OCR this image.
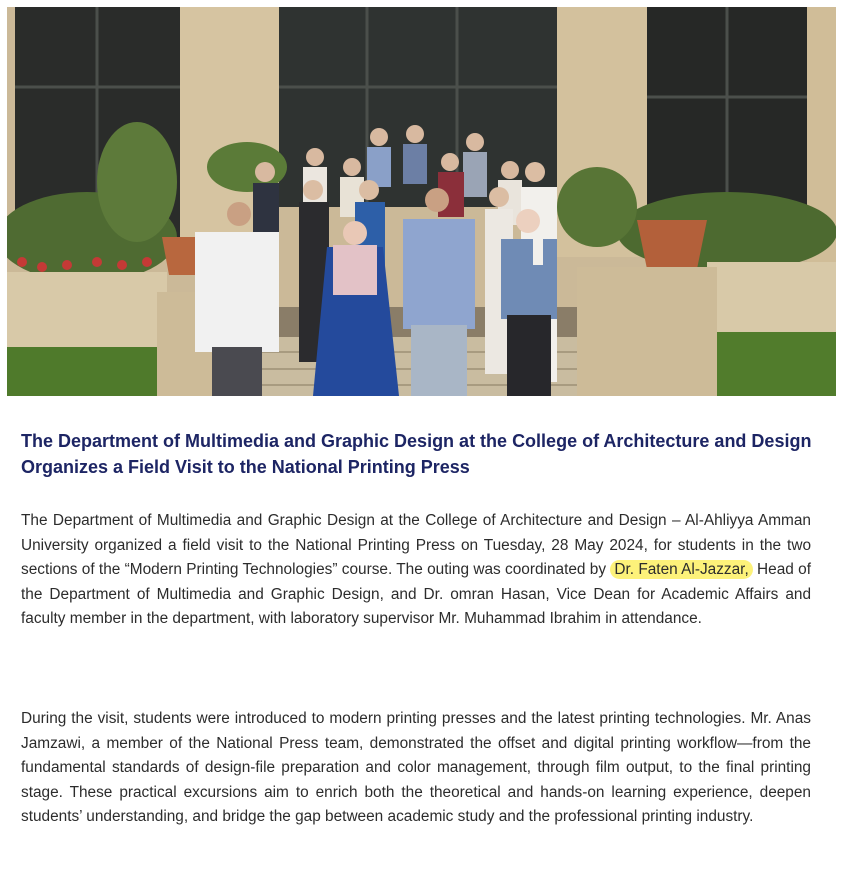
The Department of Multimedia and Graphic Design at the College of Architecture and Design Organizes a Field Visit to the National Printing Press

The Department of Multimedia and Graphic Design at the College of Architecture and Design – Al-Ahliyya Amman University organized a field visit to the National Printing Press on Tuesday, 28 May 2024, for students in the two sections of the “Modern Printing Technologies” course. The outing was coordinated by Dr. Faten Al-Jazzar, Head of the Department of Multimedia and Graphic Design, and Dr. omran Hasan, Vice Dean for Academic Affairs and faculty member in the department, with laboratory supervisor Mr. Muhammad Ibrahim in attendance.

During the visit, students were introduced to modern printing presses and the latest printing technologies. Mr. Anas Jamzawi, a member of the National Press team, demonstrated the offset and digital printing workflow—from the fundamental standards of design-file preparation and color management, through film output, to the final printing stage. These practical excursions aim to enrich both the theoretical and hands-on learning experience, deepen students’ understanding, and bridge the gap between academic study and the professional printing industry.
